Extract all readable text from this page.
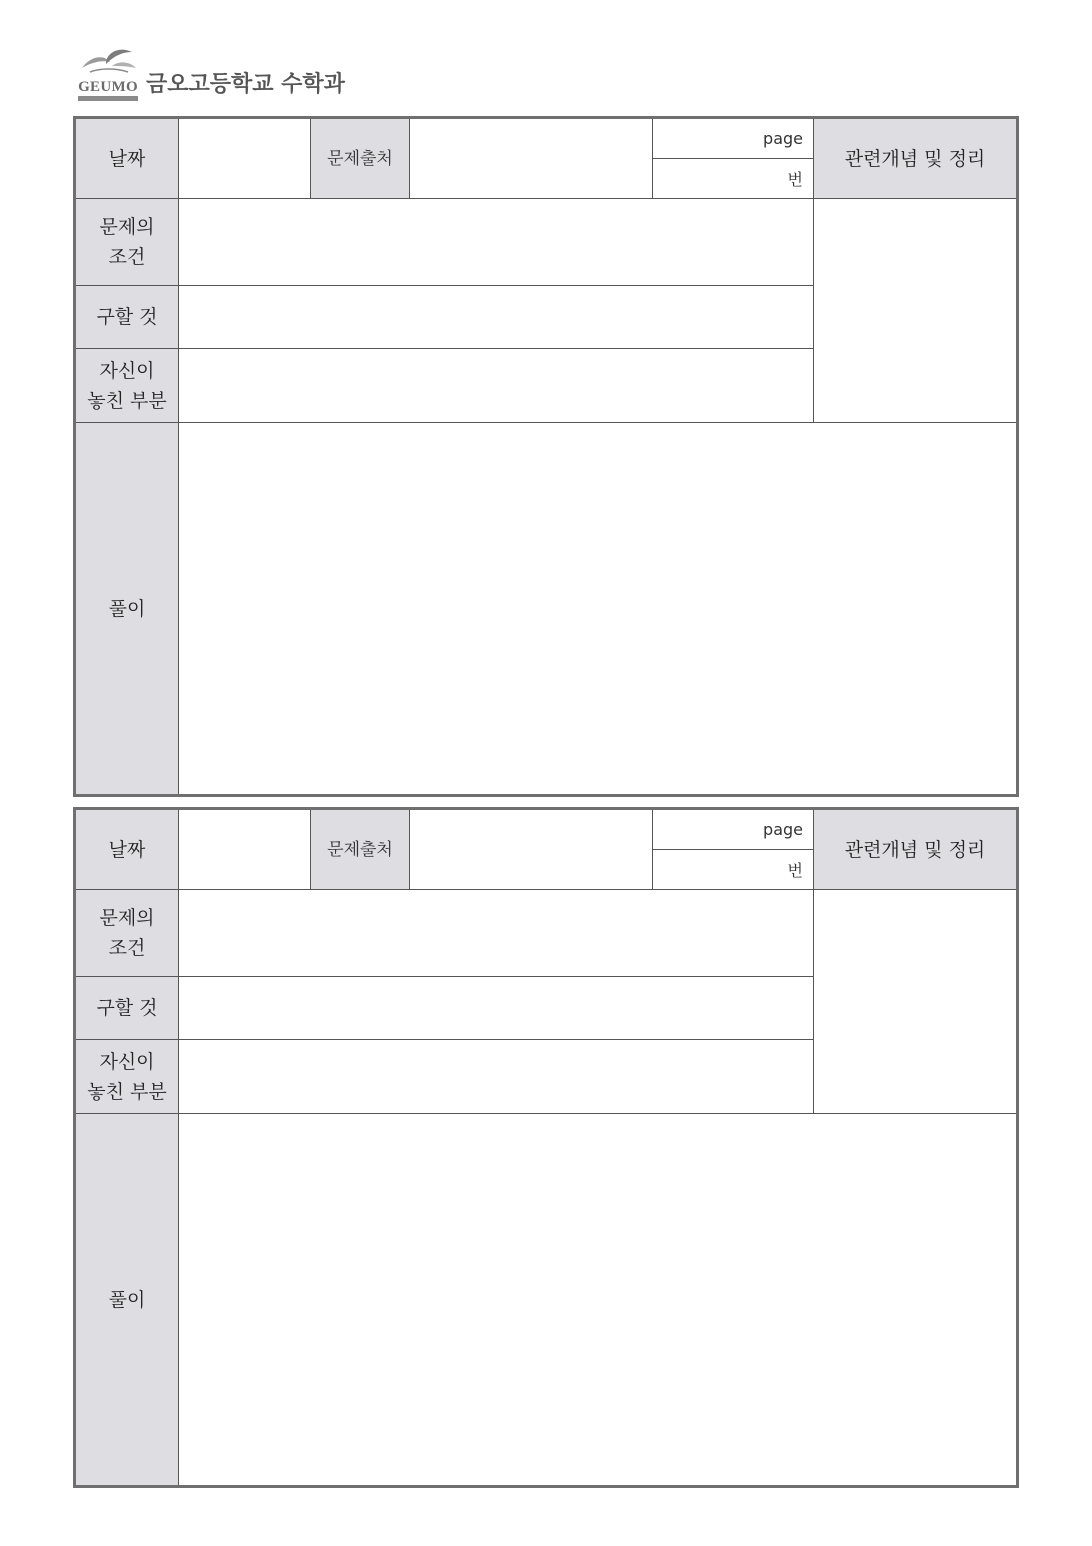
GEUMO 금오고등학교 수학과
날짜	문제출처
page
번
관련개념 및 정리
문제의
조건
구할 것
자신이
놓친 부분
풀이
날짜	문제출처
page
번
관련개념 및 정리
문제의
조건
구할 것
자신이
놓친 부분
풀이
